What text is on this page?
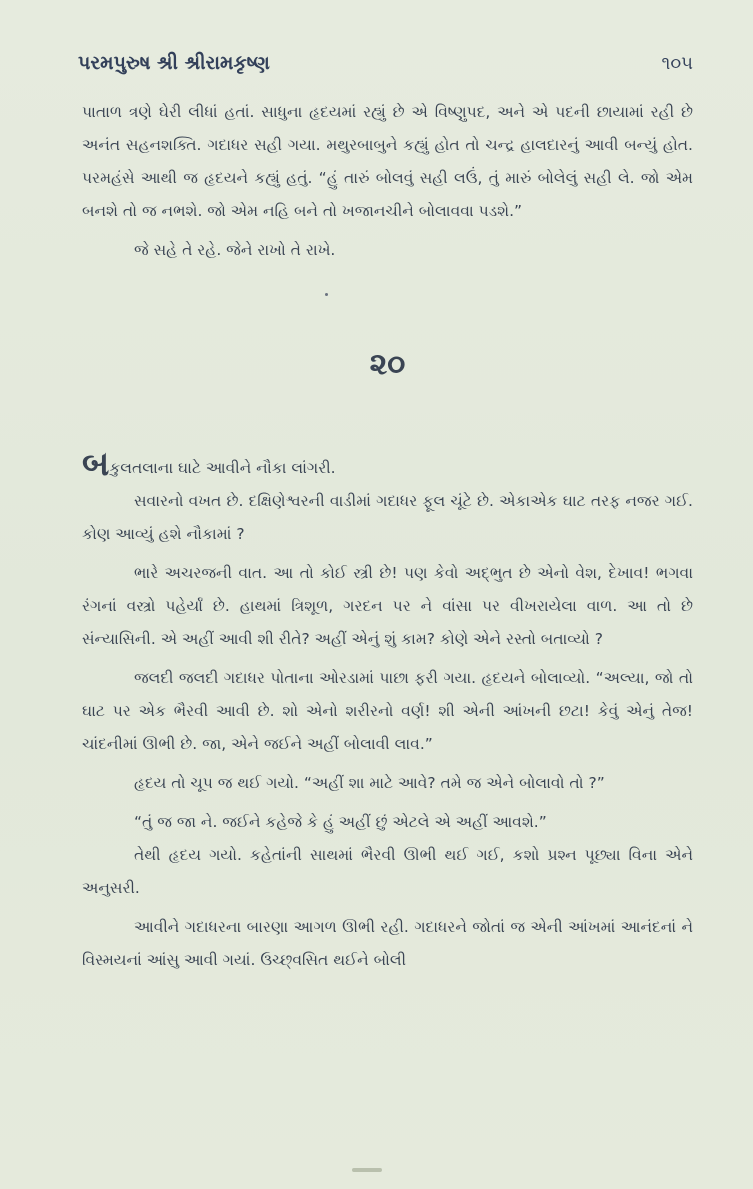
પરમપુરુષ શ્રી શ્રીરામકૃષ્ણ	૧૦૫

પાતાળ ત્રણે ઘેરી લીધાં હતાં. સાધુના હૃદયમાં રહ્યું છે એ વિષ્ણુપદ, અને એ પદની છાયામાં રહી છે અનંત સહનશક્તિ. ગદાધર સહી ગયા. મથુરબાબુને કહ્યું હોત તો ચન્દ્ર હાલદારનું આવી બન્યું હોત. પરમહંસે આથી જ હૃદયને કહ્યું હતું. “હું તારું બોલવું સહી લઉં, તું મારું બોલેલું સહી લે. જો એમ બનશે તો જ નભશે. જો એમ નહિ બને તો ખજાનચીને બોલાવવા પડશે.”

જે સહે તે રહે. જેને રાખો તે રાખે.

૨૦

બકુલતલાના ઘાટે આવીને નૌકા લાંગરી.

સવારનો વખત છે. દક્ષિણેશ્વરની વાડીમાં ગદાધર ફૂલ ચૂંટે છે. એકાએક ઘાટ તરફ નજર ગઈ. કોણ આવ્યું હશે નૌકામાં ?

ભારે અચરજની વાત. આ તો કોઈ સ્ત્રી છે! પણ કેવો અદ્‌ભુત છે એનો વેશ, દેખાવ! ભગવા રંગનાં વસ્ત્રો પહેર્યાં છે. હાથમાં ત્રિશૂળ, ગરદન પર ને વાંસા પર વીખરાયેલા વાળ. આ તો છે સંન્યાસિની. એ અહીં આવી શી રીતે? અહીં એનું શું કામ? કોણે એને રસ્તો બતાવ્યો ?

જલદી જલદી ગદાધર પોતાના ઓરડામાં પાછા ફરી ગયા. હૃદયને બોલાવ્યો. “અલ્યા, જો તો ઘાટ પર એક ભૈરવી આવી છે. શો એનો શરીરનો વર્ણ! શી એની આંખની છટા! કેવું એનું તેજ! ચાંદનીમાં ઊભી છે. જા, એને જઈને અહીં બોલાવી લાવ.”

હૃદય તો ચૂપ જ થઈ ગયો. “અહીં શા માટે આવે? તમે જ એને બોલાવો તો ?”

“તું જ જા ને. જઈને કહેજે કે હું અહીં છું એટલે એ અહીં આવશે.”

તેથી હૃદય ગયો. કહેતાંની સાથમાં ભૈરવી ઊભી થઈ ગઈ, કશો પ્રશ્ન પૂછ્યા વિના એને અનુસરી.

આવીને ગદાધરના બારણા આગળ ઊભી રહી. ગદાધરને જોતાં જ એની આંખમાં આનંદનાં ને વિસ્મયનાં આંસુ આવી ગયાં. ઉચ્છ્‌વસિત થઈને બોલી
